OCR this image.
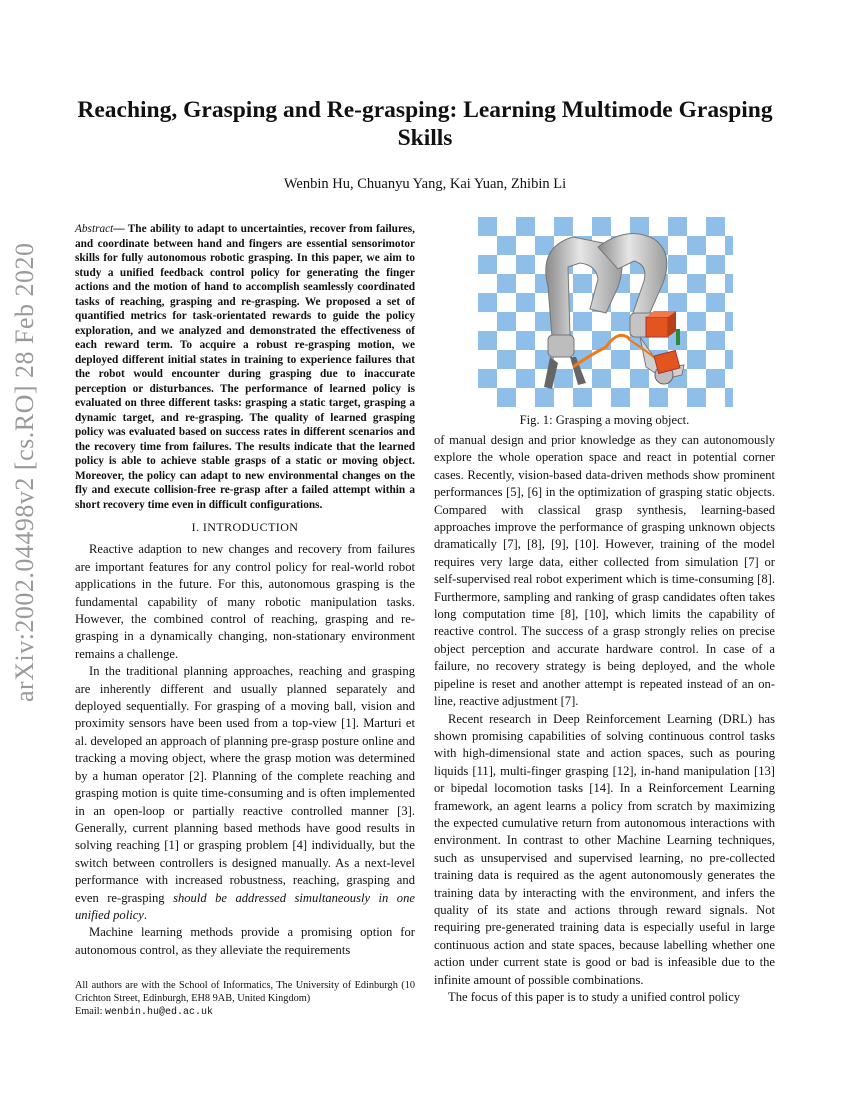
arXiv:2002.04498v2 [cs.RO] 28 Feb 2020
Reaching, Grasping and Re-grasping: Learning Multimode Grasping
Skills
Wenbin Hu, Chuanyu Yang, Kai Yuan, Zhibin Li

Abstract— The ability to adapt to uncertainties, recover from failures, and coordinate between hand and fingers are essential sensorimotor skills for fully autonomous robotic grasping. In this paper, we aim to study a unified feedback control policy for generating the finger actions and the motion of hand to accomplish seamlessly coordinated tasks of reaching, grasping and re-grasping. We proposed a set of quantified metrics for task-orientated rewards to guide the policy exploration, and we analyzed and demonstrated the effectiveness of each reward term. To acquire a robust re-grasping motion, we deployed different initial states in training to experience failures that the robot would encounter during grasping due to inaccurate perception or disturbances. The performance of learned policy is evaluated on three different tasks: grasping a static target, grasping a dynamic target, and re-grasping. The quality of learned grasping policy was evaluated based on success rates in different scenarios and the recovery time from failures. The results indicate that the learned policy is able to achieve stable grasps of a static or moving object. Moreover, the policy can adapt to new environmental changes on the fly and execute collision-free re-grasp after a failed attempt within a short recovery time even in difficult configurations.

I. INTRODUCTION

Reactive adaption to new changes and recovery from failures are important features for any control policy for real-world robot applications in the future. For this, autonomous grasping is the fundamental capability of many robotic manipulation tasks. However, the combined control of reaching, grasping and re-grasping in a dynamically changing, non-stationary environment remains a challenge.

In the traditional planning approaches, reaching and grasping are inherently different and usually planned separately and deployed sequentially. For grasping of a moving ball, vision and proximity sensors have been used from a top-view [1]. Marturi et al. developed an approach of planning pre-grasp posture online and tracking a moving object, where the grasp motion was determined by a human operator [2]. Planning of the complete reaching and grasping motion is quite time-consuming and is often implemented in an open-loop or partially reactive controlled manner [3]. Generally, current planning based methods have good results in solving reaching [1] or grasping problem [4] individually, but the switch between controllers is designed manually. As a next-level performance with increased robustness, reaching, grasping and even re-grasping should be addressed simultaneously in one unified policy.

Machine learning methods provide a promising option for autonomous control, as they alleviate the requirements

All authors are with the School of Informatics, The University of Edinburgh (10 Crichton Street, Edinburgh, EH8 9AB, United Kingdom)
Email: wenbin.hu@ed.ac.uk
Fig. 1: Grasping a moving object.

of manual design and prior knowledge as they can autonomously explore the whole operation space and react in potential corner cases. Recently, vision-based data-driven methods show prominent performances [5], [6] in the optimization of grasping static objects. Compared with classical grasp synthesis, learning-based approaches improve the performance of grasping unknown objects dramatically [7], [8], [9], [10]. However, training of the model requires very large data, either collected from simulation [7] or self-supervised real robot experiment which is time-consuming [8]. Furthermore, sampling and ranking of grasp candidates often takes long computation time [8], [10], which limits the capability of reactive control. The success of a grasp strongly relies on precise object perception and accurate hardware control. In case of a failure, no recovery strategy is being deployed, and the whole pipeline is reset and another attempt is repeated instead of an on-line, reactive adjustment [7].

Recent research in Deep Reinforcement Learning (DRL) has shown promising capabilities of solving continuous control tasks with high-dimensional state and action spaces, such as pouring liquids [11], multi-finger grasping [12], in-hand manipulation [13] or bipedal locomotion tasks [14]. In a Reinforcement Learning framework, an agent learns a policy from scratch by maximizing the expected cumulative return from autonomous interactions with environment. In contrast to other Machine Learning techniques, such as unsupervised and supervised learning, no pre-collected training data is required as the agent autonomously generates the training data by interacting with the environment, and infers the quality of its state and actions through reward signals. Not requiring pre-generated training data is especially useful in large continuous action and state spaces, because labelling whether one action under current state is good or bad is infeasible due to the infinite amount of possible combinations.

The focus of this paper is to study a unified control policy
